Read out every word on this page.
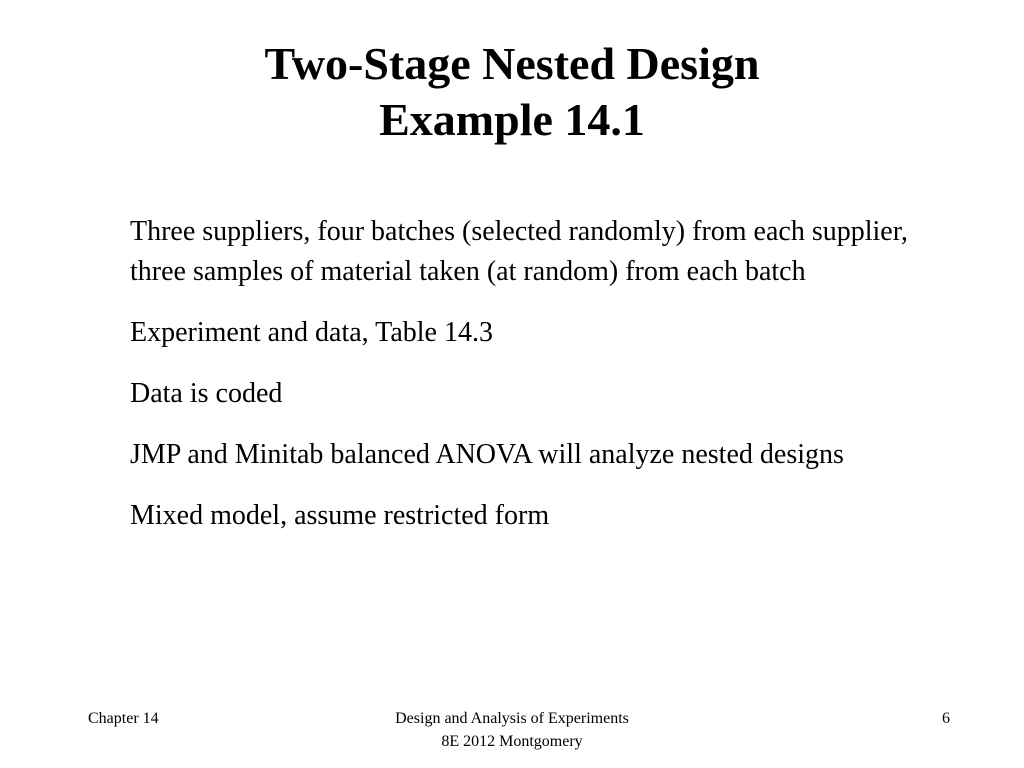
Two-Stage Nested Design
Example 14.1

Three suppliers, four batches (selected randomly) from each supplier, three samples of material taken (at random) from each batch

Experiment and data, Table 14.3

Data is coded

JMP and Minitab balanced ANOVA will analyze nested designs

Mixed model, assume restricted form

Chapter 14	Design and Analysis of Experiments
8E 2012 Montgomery
6
